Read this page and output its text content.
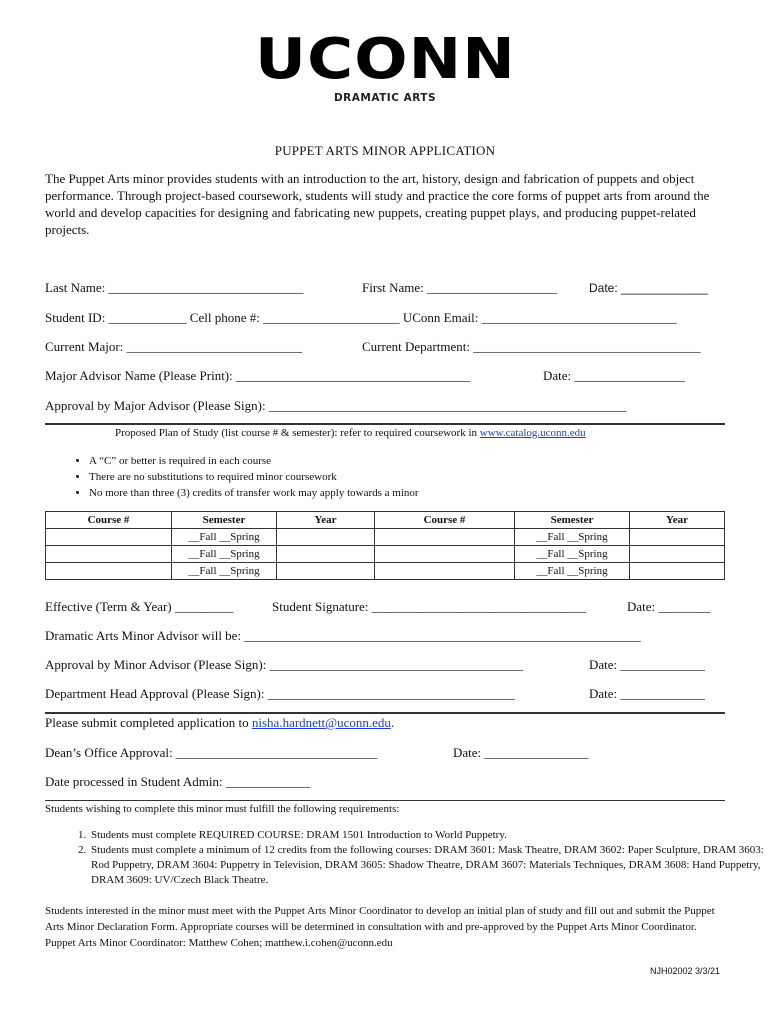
UCONN
DRAMATIC ARTS
PUPPET ARTS MINOR APPLICATION
The Puppet Arts minor provides students with an introduction to the art, history, design and fabrication of puppets and object performance. Through project-based coursework, students will study and practice the core forms of puppet arts from around the world and develop capacities for designing and fabricating new puppets, creating puppet plays, and producing puppet-related projects.
Last Name: ______________________________	First Name: ____________________	Date: _____________
Student ID: ____________ Cell phone #: _____________________ UConn Email: ______________________________
Current Major: ___________________________	Current Department: ___________________________________
Major Advisor Name (Please Print): ____________________________________	Date: _________________
Approval by Major Advisor (Please Sign): _______________________________________________________
Proposed Plan of Study (list course # & semester): refer to required coursework in www.catalog.uconn.edu
• A “C” or better is required in each course
• There are no substitutions to required minor coursework
• No more than three (3) credits of transfer work may apply towards a minor
Course #	Semester	Year	Course #	Semester	Year
	__Fall __Spring			__Fall __Spring	
	__Fall __Spring			__Fall __Spring	
	__Fall __Spring			__Fall __Spring	
Effective (Term & Year) _________	Student Signature: _________________________________	Date: ________
Dramatic Arts Minor Advisor will be: _____________________________________________________________
Approval by Minor Advisor (Please Sign): _______________________________________	Date: _____________
Department Head Approval (Please Sign): ______________________________________	Date: _____________
Please submit completed application to nisha.hardnett@uconn.edu.
Dean’s Office Approval: _______________________________	Date: ________________
Date processed in Student Admin: _____________
Students wishing to complete this minor must fulfill the following requirements:
1. Students must complete REQUIRED COURSE: DRAM 1501 Introduction to World Puppetry.
2. Students must complete a minimum of 12 credits from the following courses: DRAM 3601: Mask Theatre, DRAM 3602: Paper Sculpture, DRAM 3603: Rod Puppetry, DRAM 3604: Puppetry in Television, DRAM 3605: Shadow Theatre, DRAM 3607: Materials Techniques, DRAM 3608: Hand Puppetry, DRAM 3609: UV/Czech Black Theatre.
Students interested in the minor must meet with the Puppet Arts Minor Coordinator to develop an initial plan of study and fill out and submit the Puppet Arts Minor Declaration Form. Appropriate courses will be determined in consultation with and pre-approved by the Puppet Arts Minor Coordinator. Puppet Arts Minor Coordinator: Matthew Cohen; matthew.i.cohen@uconn.edu
NJH02002 3/3/21
